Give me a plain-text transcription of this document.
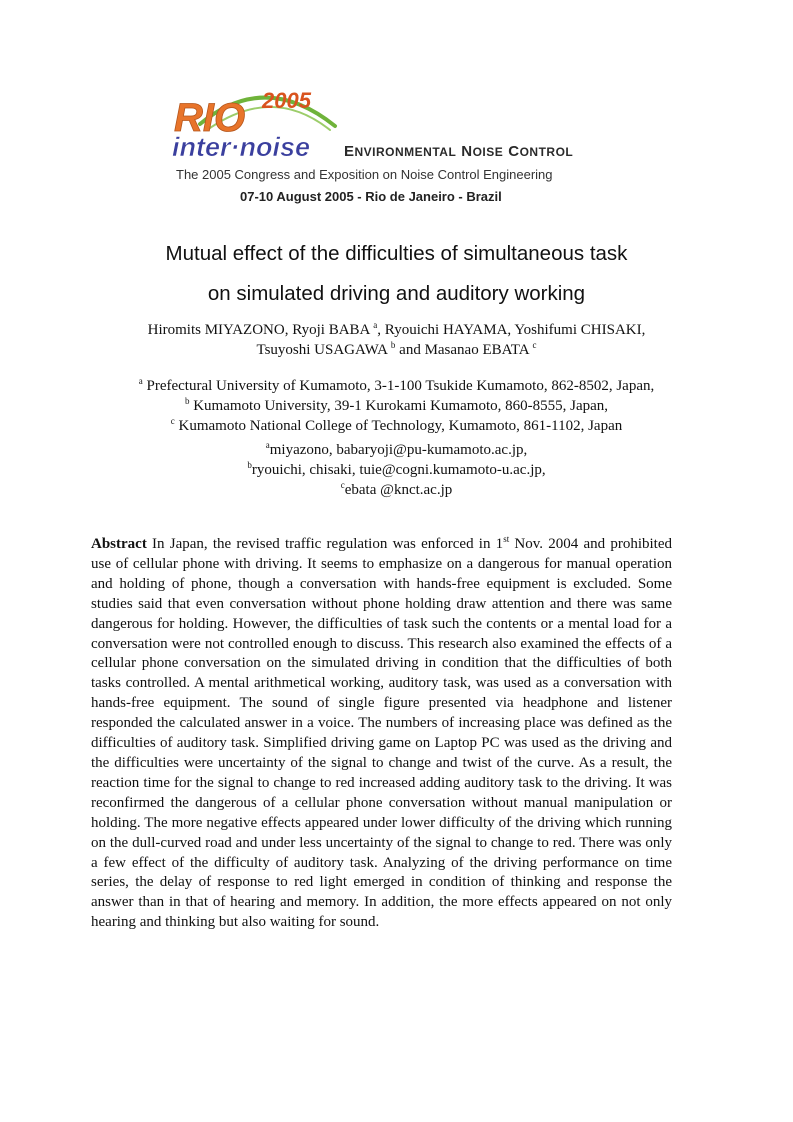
RIO 2005
inter·noise ENVIRONMENTAL NOISE CONTROL
The 2005 Congress and Exposition on Noise Control Engineering
07-10 August 2005 - Rio de Janeiro - Brazil
Mutual effect of the difficulties of simultaneous task
on simulated driving and auditory working
Hiromits MIYAZONO, Ryoji BABA $^a$, Ryouichi HAYAMA, Yoshifumi CHISAKI,
Tsuyoshi USAGAWA $^b$ and Masanao EBATA $^c$
$^a$ Prefectural University of Kumamoto, 3-1-100 Tsukide Kumamoto, 862-8502, Japan,
$^b$ Kumamoto University, 39-1 Kurokami Kumamoto, 860-8555, Japan,
$^c$ Kumamoto National College of Technology, Kumamoto, 861-1102, Japan
$^a$miyazono, babaryoji@pu-kumamoto.ac.jp,
$^b$ryouichi, chisaki, tuie@cogni.kumamoto-u.ac.jp,
$^c$ebata @knct.ac.jp
Abstract In Japan, the revised traffic regulation was enforced in 1st Nov. 2004 and prohibited use of cellular phone with driving. It seems to emphasize on a dangerous for manual operation and holding of phone, though a conversation with hands-free equipment is excluded. Some studies said that even conversation without phone holding draw attention and there was same dangerous for holding. However, the difficulties of task such the contents or a mental load for a conversation were not controlled enough to discuss. This research also examined the effects of a cellular phone conversation on the simulated driving in condition that the difficulties of both tasks controlled. A mental arithmetical working, auditory task, was used as a conversation with hands-free equipment. The sound of single figure presented via headphone and listener responded the calculated answer in a voice. The numbers of increasing place was defined as the difficulties of auditory task. Simplified driving game on Laptop PC was used as the driving and the difficulties were uncertainty of the signal to change and twist of the curve. As a result, the reaction time for the signal to change to red increased adding auditory task to the driving. It was reconfirmed the dangerous of a cellular phone conversation without manual manipulation or holding. The more negative effects appeared under lower difficulty of the driving which running on the dull-curved road and under less uncertainty of the signal to change to red. There was only a few effect of the difficulty of auditory task. Analyzing of the driving performance on time series, the delay of response to red light emerged in condition of thinking and response the answer than in that of hearing and memory. In addition, the more effects appeared on not only hearing and thinking but also waiting for sound.
